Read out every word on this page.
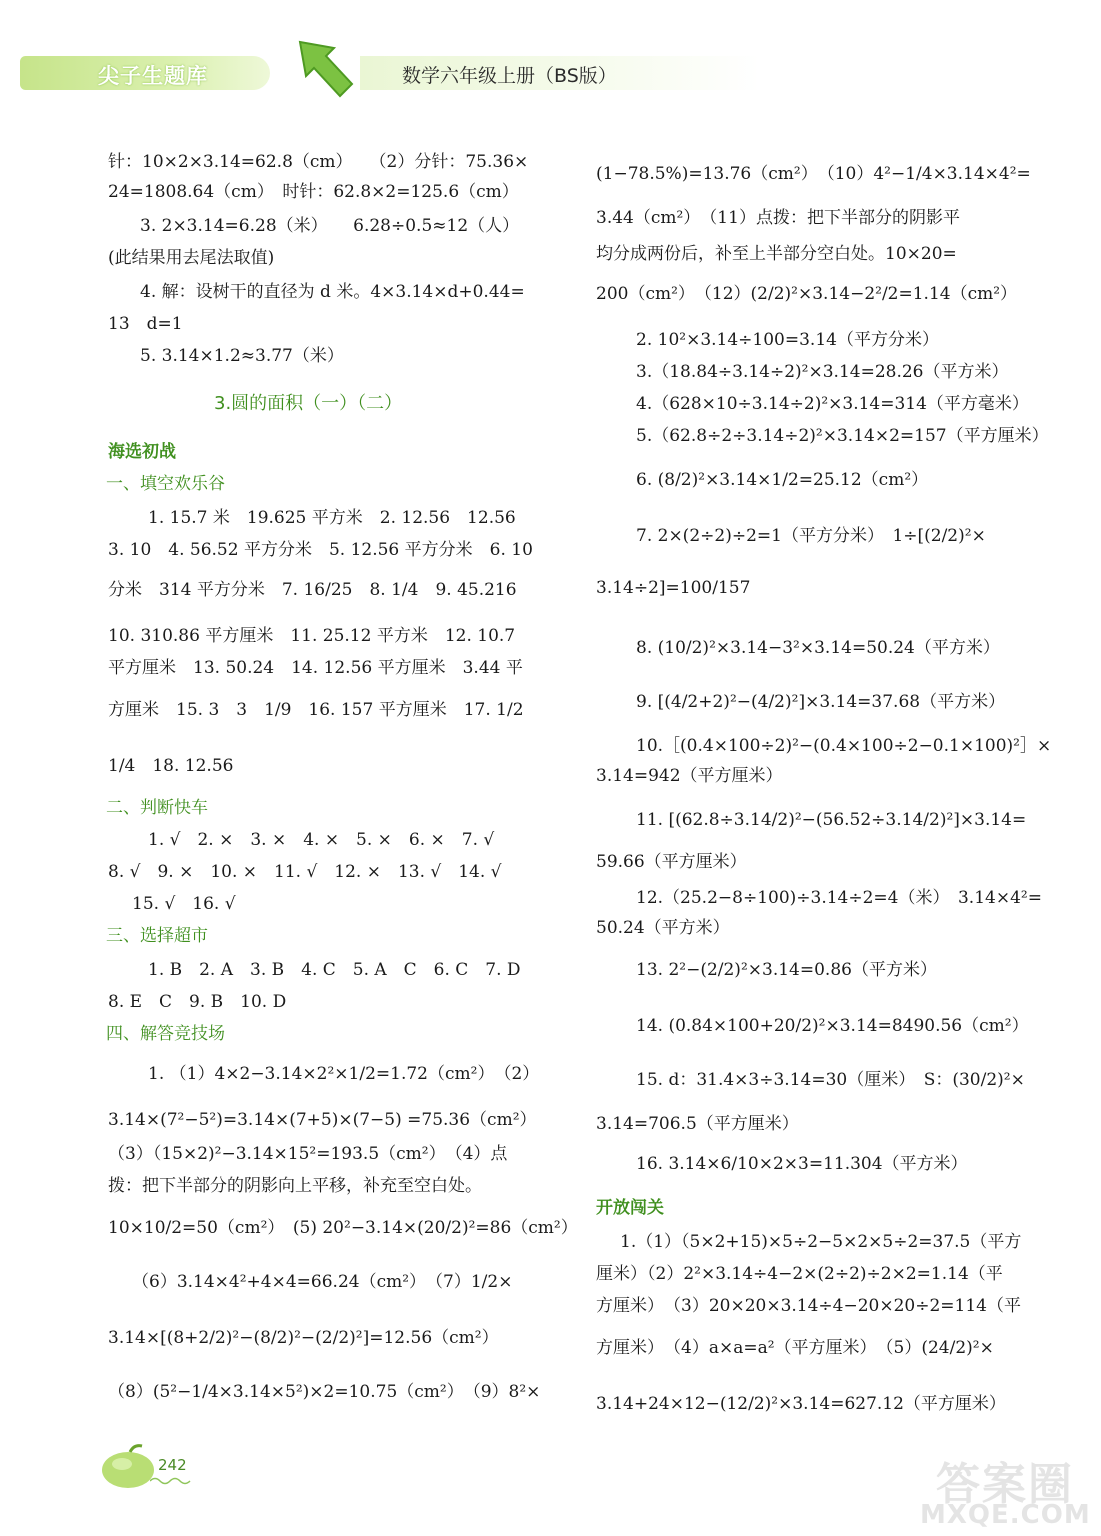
尖子生题库	数学六年级上册（BS版）
针：10×2×3.14=62.8（cm）　　（2）分针：75.36×
24=1808.64（cm）　时针：62.8×2=125.6（cm）
3. 2×3.14=6.28（米）　　6.28÷0.5≈12（人）
(此结果用去尾法取值)
4. 解：设树干的直径为 d 米。4×3.14×d+0.44=
13　d=1
5. 3.14×1.2≈3.77（米）
3.圆的面积（一）（二）
海选初战
一、填空欢乐谷
1. 15.7 米　19.625 平方米　2. 12.56　12.56
3. 10　4. 56.52 平方分米　5. 12.56 平方分米　6. 10
分米　314 平方分米　7. 16/25　8. 1/4　9. 45.216
10. 310.86 平方厘米　11. 25.12 平方米　12. 10.7
平方厘米　13. 50.24　14. 12.56 平方厘米　3.44 平
方厘米　15. 3　3　1/9　16. 157 平方厘米　17. 1/2
1/4　18. 12.56
二、判断快车
1. √　2. ×　3. ×　4. ×　5. ×　6. ×　7. √
8. √　9. ×　10. ×　11. √　12. ×　13. √　14. √
15. √　16. √
三、选择超市
1. B　2. A　3. B　4. C　5. A　C　6. C　7. D
8. E　C　9. B　10. D
四、解答竞技场
1. （1）4×2−3.14×2²×1/2=1.72（cm²）　（2）
3.14×(7²−5²)=3.14×(7+5)×(7−5) =75.36（cm²）
（3）（15×2)²−3.14×15²=193.5（cm²）　（4）点
拨：把下半部分的阴影向上平移，补充至空白处。
10×10/2=50（cm²）　(5) 20²−3.14×(20/2)²=86（cm²）
（6）3.14×4²+4×4=66.24（cm²）　（7）1/2×
3.14×[(8+2/2)²−(8/2)²−(2/2)²]=12.56（cm²）
（8）(5²−1/4×3.14×5²)×2=10.75（cm²）　（9）8²×
(1−78.5%)=13.76（cm²）　（10）4²−1/4×3.14×4²=
3.44（cm²）　（11）点拨：把下半部分的阴影平
均分成两份后，补至上半部分空白处。10×20=
200（cm²）　（12）(2/2)²×3.14−2²/2=1.14（cm²）
2. 10²×3.14÷100=3.14（平方分米）
3.（18.84÷3.14÷2)²×3.14=28.26（平方米）
4.（628×10÷3.14÷2)²×3.14=314（平方毫米）
5.（62.8÷2÷3.14÷2)²×3.14×2=157（平方厘米）
6. (8/2)²×3.14×1/2=25.12（cm²）
7. 2×(2÷2)÷2=1（平方分米）　1÷[(2/2)²×
3.14÷2]=100/157
8. (10/2)²×3.14−3²×3.14=50.24（平方米）
9. [(4/2+2)²−(4/2)²]×3.14=37.68（平方米）
10.［(0.4×100÷2)²−(0.4×100÷2−0.1×100)²］×
3.14=942（平方厘米）
11. [(62.8÷3.14/2)²−(56.52÷3.14/2)²]×3.14=
59.66（平方厘米）
12.（25.2−8÷100)÷3.14÷2=4（米）　3.14×4²=
50.24（平方米）
13. 2²−(2/2)²×3.14=0.86（平方米）
14. (0.84×100+20/2)²×3.14=8490.56（cm²）
15. d：31.4×3÷3.14=30（厘米）　S：(30/2)²×
3.14=706.5（平方厘米）
16. 3.14×6/10×2×3=11.304（平方米）
开放闯关
1.（1）（5×2+15)×5÷2−5×2×5÷2=37.5（平方
厘米）（2）2²×3.14÷4−2×(2÷2)÷2×2=1.14（平
方厘米）　（3）20×20×3.14÷4−20×20÷2=114（平
方厘米）　（4）a×a=a²（平方厘米）　（5）(24/2)²×
3.14+24×12−(12/2)²×3.14=627.12（平方厘米）
242	答案圈
MXQE.COM
